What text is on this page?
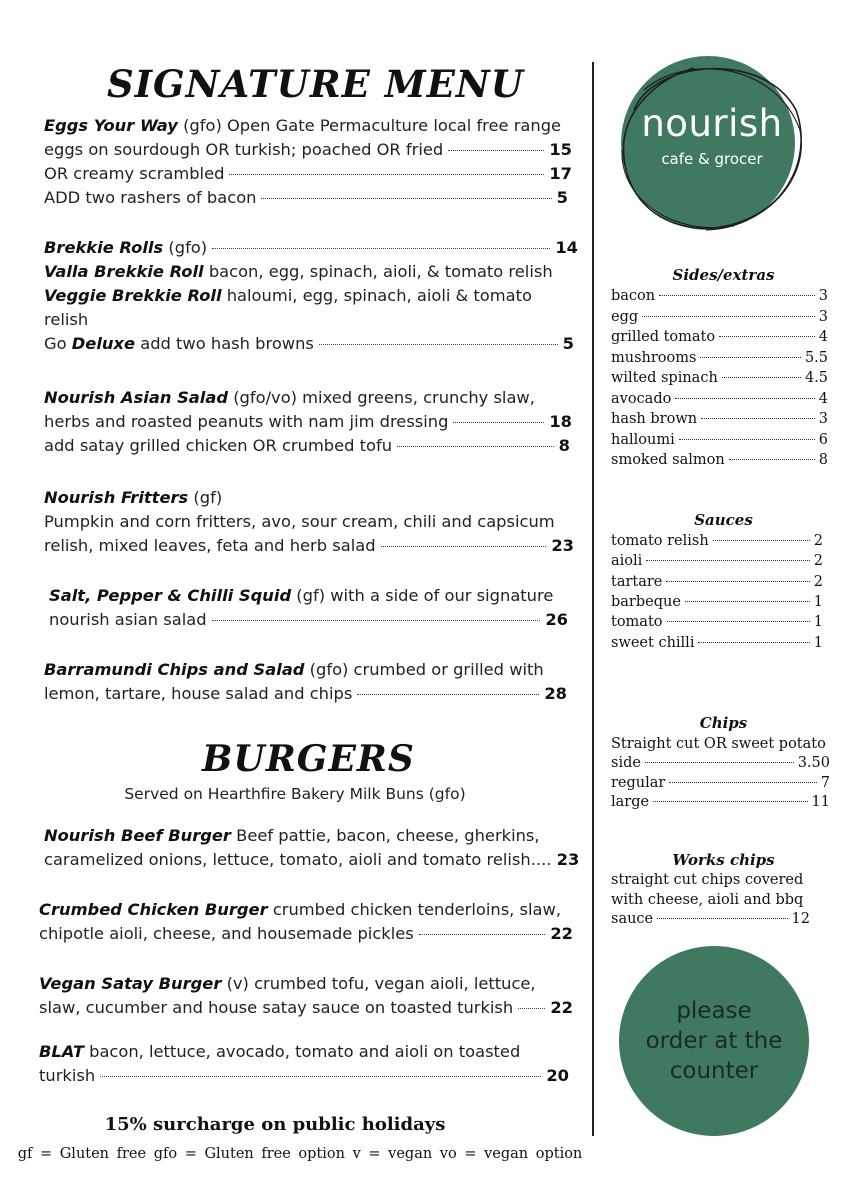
SIGNATURE MENU
Eggs Your Way (gfo) Open Gate Permaculture local free range
eggs on sourdough OR turkish; poached OR fried	15
OR creamy scrambled	17
ADD two rashers of bacon	5
Brekkie Rolls (gfo)	14
Valla Brekkie Roll bacon, egg, spinach, aioli, & tomato relish
Veggie Brekkie Roll haloumi, egg, spinach, aioli & tomato
relish
Go Deluxe add two hash browns	5
Nourish Asian Salad (gfo/vo) mixed greens, crunchy slaw,
herbs and roasted peanuts with nam jim dressing	18
add satay grilled chicken OR crumbed tofu	8
Nourish Fritters (gf)
Pumpkin and corn fritters, avo, sour cream, chili and capsicum
relish, mixed leaves, feta and herb salad	23
Salt, Pepper & Chilli Squid (gf) with a side of our signature
nourish asian salad	26
Barramundi Chips and Salad (gfo) crumbed or grilled with
lemon, tartare, house salad and chips	28
BURGERS
Served on Hearthfire Bakery Milk Buns (gfo)
Nourish Beef Burger Beef pattie, bacon, cheese, gherkins,
caramelized onions, lettuce, tomato, aioli and tomato relish.... 23
Crumbed Chicken Burger crumbed chicken tenderloins, slaw,
chipotle aioli, cheese, and housemade pickles	22
Vegan Satay Burger (v) crumbed tofu, vegan aioli, lettuce,
slaw, cucumber and house satay sauce on toasted turkish 22
BLAT bacon, lettuce, avocado, tomato and aioli on toasted
turkish	20
15% surcharge on public holidays
gf = Gluten free gfo = Gluten free option v = vegan vo = vegan option
nourish
cafe & grocer
Sides/extras
bacon	3
egg	3
grilled tomato	4
mushrooms	5.5
wilted spinach	4.5
avocado	4
hash brown	3
halloumi	6
smoked salmon	8
Sauces
tomato relish	2
aioli	2
tartare	2
barbeque	1
tomato	1
sweet chilli	1
Chips
Straight cut OR sweet potato
side	3.50
regular	7
large	11
Works chips
straight cut chips covered
with cheese, aioli and bbq
sauce	12
please
order at the
counter
